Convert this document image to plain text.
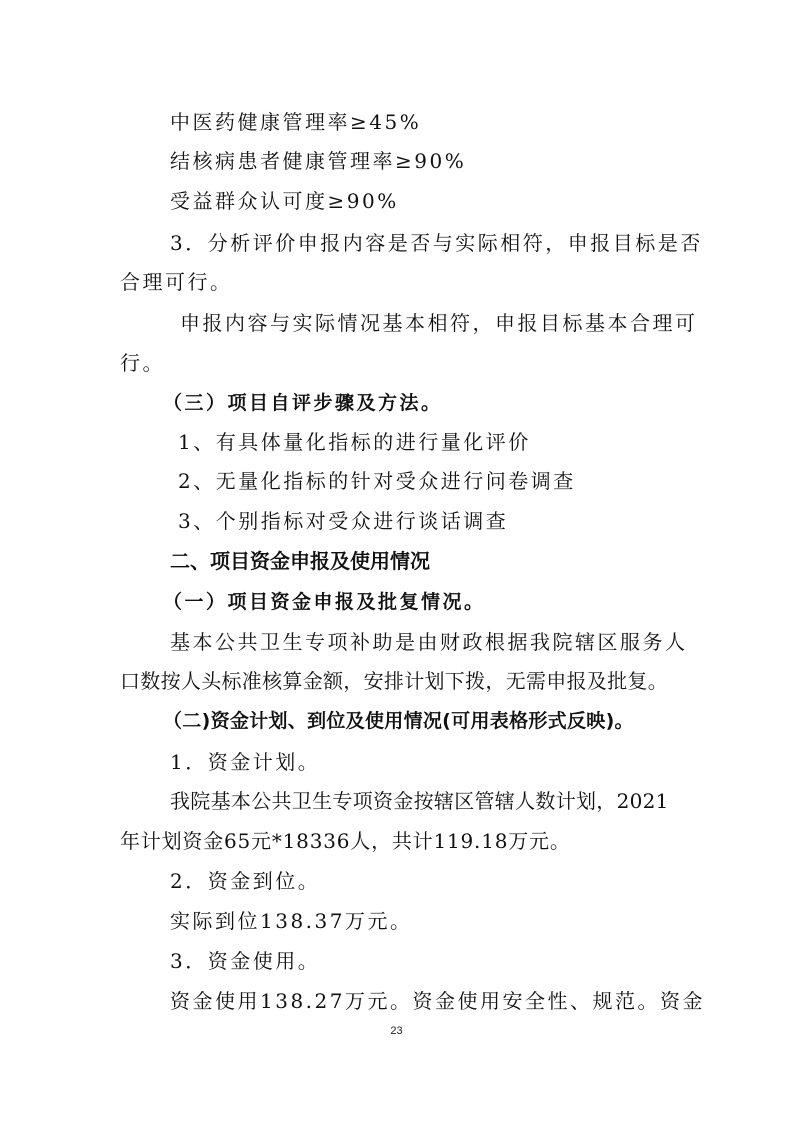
中医药健康管理率≥45%
结核病患者健康管理率≥90%
受益群众认可度≥90%
3．分析评价申报内容是否与实际相符，申报目标是否
合理可行。
申报内容与实际情况基本相符，申报目标基本合理可
行。
（三）项目自评步骤及方法。
1、有具体量化指标的进行量化评价
2、无量化指标的针对受众进行问卷调查
3、个别指标对受众进行谈话调查
二、项目资金申报及使用情况
（一）项目资金申报及批复情况。
基本公共卫生专项补助是由财政根据我院辖区服务人
口数按人头标准核算金额，安排计划下拨，无需申报及批复。
（二)资金计划、到位及使用情况(可用表格形式反映)。
1．资金计划。
我院基本公共卫生专项资金按辖区管辖人数计划，2021
年计划资金65元*18336人，共计119.18万元。
2．资金到位。
实际到位138.37万元。
3．资金使用。
资金使用138.27万元。资金使用安全性、规范。资金
23
